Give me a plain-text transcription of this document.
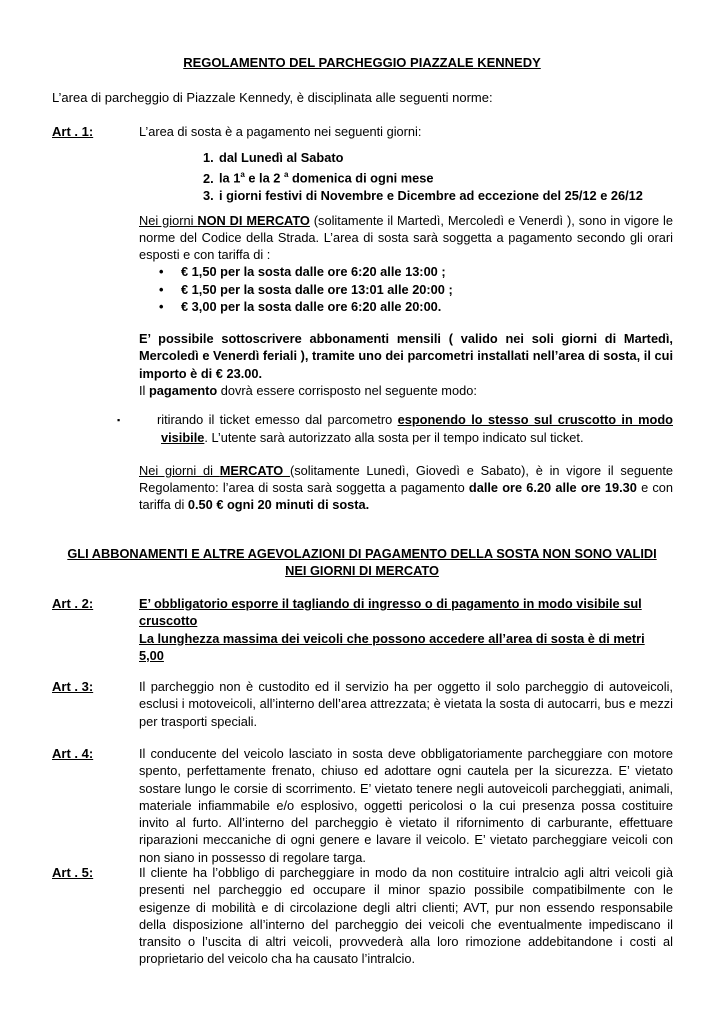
REGOLAMENTO DEL PARCHEGGIO PIAZZALE KENNEDY
L’area di parcheggio di Piazzale Kennedy, è disciplinata alle seguenti norme:
Art . 1:	L’area di sosta è a pagamento nei seguenti giorni:

1. dal Lunedì al Sabato
2. la 1$^a$ e la 2 $^a$ domenica di ogni mese
3. i giorni festivi di Novembre e Dicembre ad eccezione del 25/12 e 26/12

Nei giorni NON DI MERCATO (solitamente il Martedì, Mercoledì e Venerdì ), sono in vigore le norme del Codice della Strada. L’area di sosta sarà soggetta a pagamento secondo gli orari esposti e con tariffa di :

• € 1,50 per la sosta dalle ore 6:20 alle 13:00 ;
• € 1,50 per la sosta dalle ore 13:01 alle 20:00 ;
• € 3,00 per la sosta dalle ore 6:20 alle 20:00.

E’ possibile sottoscrivere abbonamenti mensili ( valido nei soli giorni di Martedì, Mercoledì e Venerdì feriali ), tramite uno dei parcometri installati nell’area di sosta, il cui importo è di € 23.00.

Il pagamento dovrà essere corrisposto nel seguente modo:

▪	ritirando il ticket emesso dal parcometro esponendo lo stesso sul cruscotto in modo visibile. L’utente sarà autorizzato alla sosta per il tempo indicato sul ticket.

Nei giorni di MERCATO (solitamente Lunedì, Giovedì e Sabato), è in vigore il seguente Regolamento: l’area di sosta sarà soggetta a pagamento dalle ore 6.20 alle ore 19.30 e con tariffa di 0.50 € ogni 20 minuti di sosta.

GLI ABBONAMENTI E ALTRE AGEVOLAZIONI DI PAGAMENTO DELLA SOSTA NON SONO VALIDI NEI GIORNI DI MERCATO
Art . 2:	E’ obbligatorio esporre il tagliando di ingresso o di pagamento in modo visibile sul cruscotto

La lunghezza massima dei veicoli che possono accedere all’area di sosta è di metri 5,00

Art . 3:	Il parcheggio non è custodito ed il servizio ha per oggetto il solo parcheggio di autoveicoli, esclusi i motoveicoli, all’interno dell’area attrezzata; è vietata la sosta di autocarri, bus e mezzi per trasporti speciali.
Art . 4:	Il conducente del veicolo lasciato in sosta deve obbligatoriamente parcheggiare con motore spento, perfettamente frenato, chiuso ed adottare ogni cautela per la sicurezza. E’ vietato sostare lungo le corsie di scorrimento. E’ vietato tenere negli autoveicoli parcheggiati, animali, materiale infiammabile e/o esplosivo, oggetti pericolosi o la cui presenza possa costituire invito al furto. All’interno del parcheggio è vietato il rifornimento di carburante, effettuare riparazioni meccaniche di ogni genere e lavare il veicolo. E’ vietato parcheggiare veicoli con non siano in possesso di regolare targa.
Art . 5:	Il cliente ha l’obbligo di parcheggiare in modo da non costituire intralcio agli altri veicoli già presenti nel parcheggio ed occupare il minor spazio possibile compatibilmente con le esigenze di mobilità e di circolazione degli altri clienti; AVT, pur non essendo responsabile della disposizione all’interno del parcheggio dei veicoli che eventualmente impediscano il transito o l’uscita di altri veicoli, provvederà alla loro rimozione addebitandone i costi al proprietario del veicolo cha ha causato l’intralcio.
